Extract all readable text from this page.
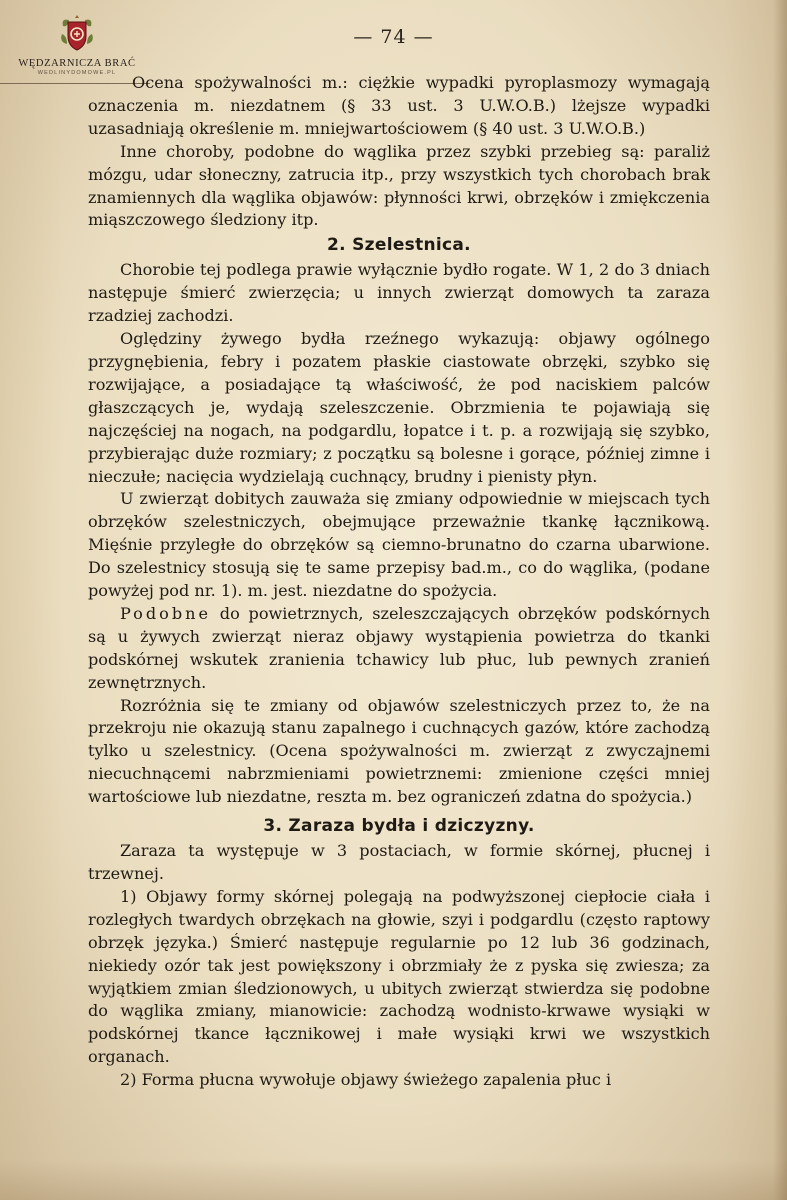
WĘDZARNICZA BRAĆ
WEDLINYDOMOWE.PL
— 74 —

Ocena spożywalności m.: ciężkie wypadki pyroplasmozy wymagają oznaczenia m. niezdatnem (§ 33 ust. 3 U.W.O.B.) lżejsze wypadki uzasadniają określenie m. mniejwartościowem (§ 40 ust. 3 U.W.O.B.)

Inne choroby, podobne do wąglika przez szybki przebieg są: paraliż mózgu, udar słoneczny, zatrucia itp., przy wszystkich tych chorobach brak znamiennych dla wąglika objawów: płynności krwi, obrzęków i zmiękczenia miąszczowego śledziony itp.

2. Szelestnica.

Chorobie tej podlega prawie wyłącznie bydło rogate. W 1, 2 do 3 dniach następuje śmierć zwierzęcia; u innych zwierząt domowych ta zaraza rzadziej zachodzi.

Oględziny żywego bydła rzeźnego wykazują: objawy ogólnego przygnębienia, febry i pozatem płaskie ciastowate obrzęki, szybko się rozwijające, a posiadające tą właściwość, że pod naciskiem palców głaszczących je, wydają szeleszczenie. Obrzmienia te pojawiają się najczęściej na nogach, na podgardlu, łopatce i t. p. a rozwijają się szybko, przybierając duże rozmiary; z początku są bolesne i gorące, później zimne i nieczułe; nacięcia wydzielają cuchnący, brudny i pienisty płyn.

U zwierząt dobitych zauważa się zmiany odpowiednie w miejscach tych obrzęków szelestniczych, obejmujące przeważnie tkankę łącznikową. Mięśnie przyległe do obrzęków są ciemno-brunatno do czarna ubarwione. Do szelestnicy stosują się te same przepisy bad.m., co do wąglika, (podane powyżej pod nr. 1). m. jest. niezdatne do spożycia.

Podobne do powietrznych, szeleszczających obrzęków podskórnych są u żywych zwierząt nieraz objawy wystąpienia powietrza do tkanki podskórnej wskutek zranienia tchawicy lub płuc, lub pewnych zranień zewnętrznych.

Rozróżnia się te zmiany od objawów szelestniczych przez to, że na przekroju nie okazują stanu zapalnego i cuchnących gazów, które zachodzą tylko u szelestnicy. (Ocena spożywalności m. zwierząt z zwyczajnemi niecuchnącemi nabrzmieniami powietrznemi: zmienione części mniej wartościowe lub niezdatne, reszta m. bez ograniczeń zdatna do spożycia.)

3. Zaraza bydła i dziczyzny.

Zaraza ta występuje w 3 postaciach, w formie skórnej, płucnej i trzewnej.

1) Objawy formy skórnej polegają na podwyższonej ciepłocie ciała i rozległych twardych obrzękach na głowie, szyi i podgardlu (często raptowy obrzęk języka.) Śmierć następuje regularnie po 12 lub 36 godzinach, niekiedy ozór tak jest powiększony i obrzmiały że z pyska się zwiesza; za wyjątkiem zmian śledzionowych, u ubitych zwierząt stwierdza się podobne do wąglika zmiany, mianowicie: zachodzą wodnisto-krwawe wysiąki w podskórnej tkance łącznikowej i małe wysiąki krwi we wszystkich organach.

2) Forma płucna wywołuje objawy świeżego zapalenia płuc i
